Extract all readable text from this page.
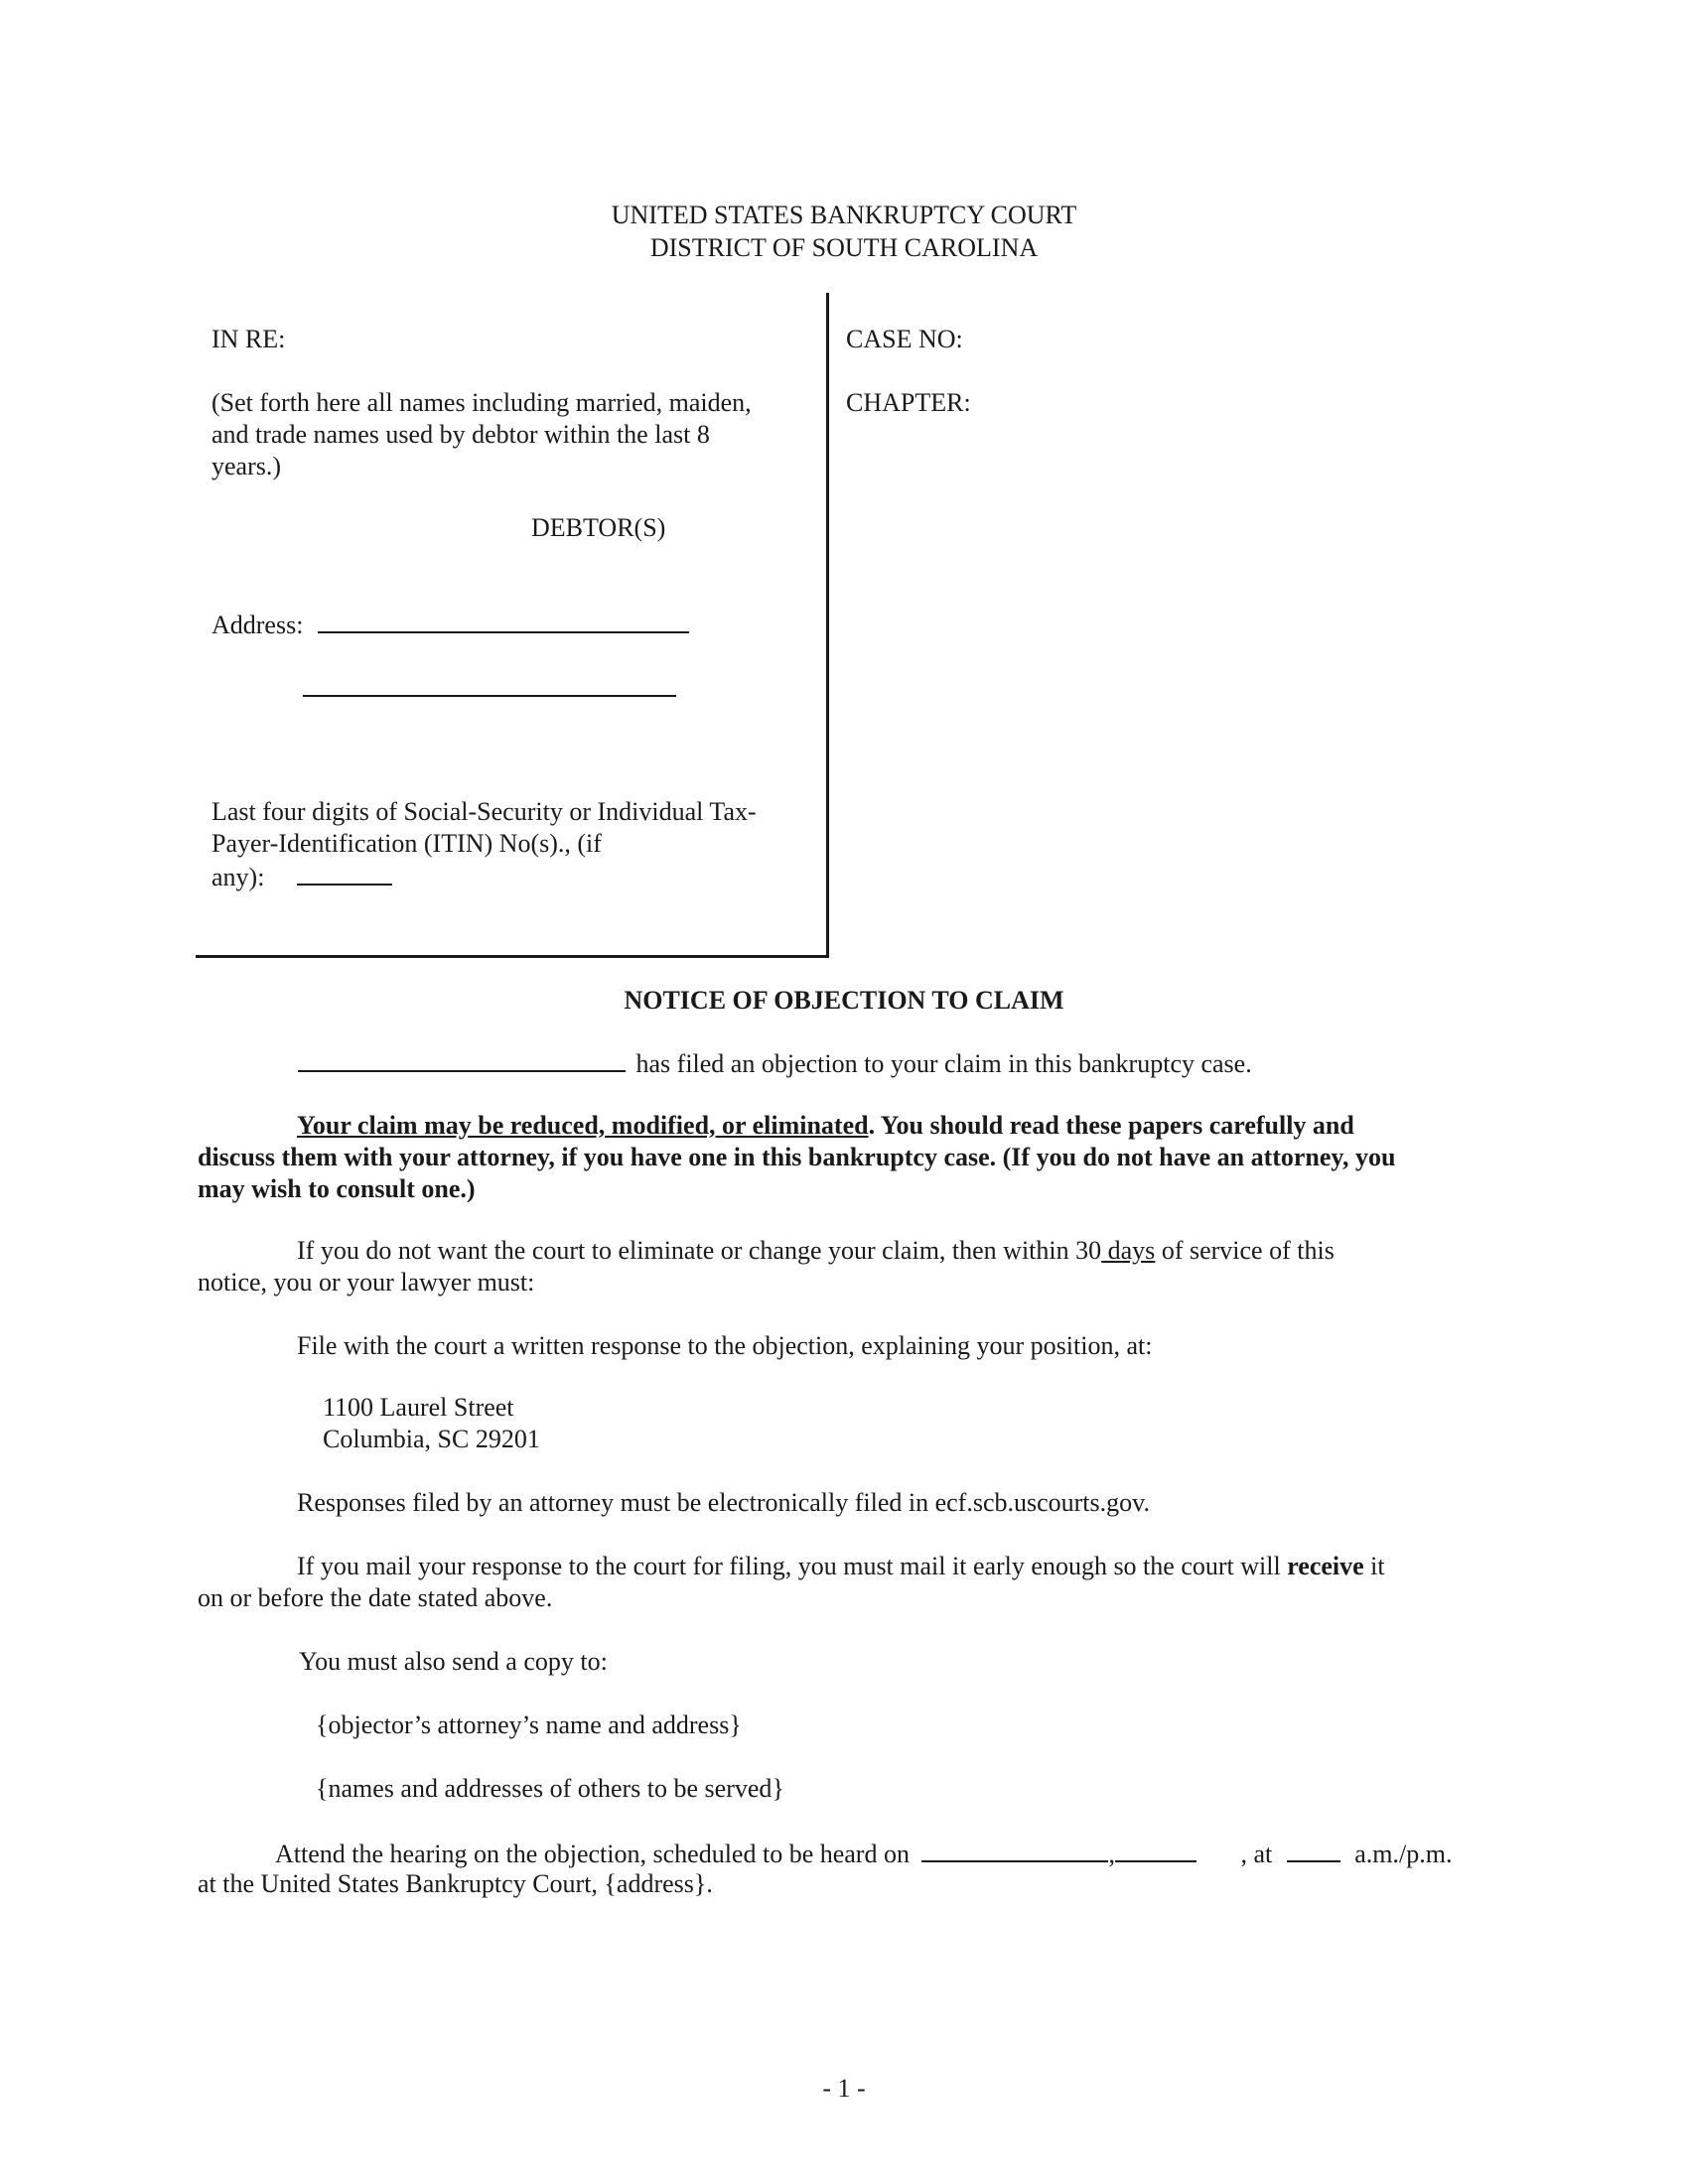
UNITED STATES BANKRUPTCY COURT
DISTRICT OF SOUTH CAROLINA
IN RE:
(Set forth here all names including married, maiden,
and trade names used by debtor within the last 8
years.)
DEBTOR(S)
Address:
Last four digits of Social-Security or Individual Tax-
Payer-Identification (ITIN) No(s)., (if
any):
CASE NO:
CHAPTER:
NOTICE OF OBJECTION TO CLAIM
has filed an objection to your claim in this bankruptcy case.
Your claim may be reduced, modified, or eliminated. You should read these papers carefully and
discuss them with your attorney, if you have one in this bankruptcy case. (If you do not have an attorney, you
may wish to consult one.)
If you do not want the court to eliminate or change your claim, then within 30 days of service of this
notice, you or your lawyer must:
File with the court a written response to the objection, explaining your position, at:
1100 Laurel Street
Columbia, SC 29201
Responses filed by an attorney must be electronically filed in ecf.scb.uscourts.gov.
If you mail your response to the court for filing, you must mail it early enough so the court will receive it
on or before the date stated above.
You must also send a copy to:
{objector’s attorney’s name and address}
{names and addresses of others to be served}
Attend the hearing on the objection, scheduled to be heard on	,	, at	a.m./p.m.
at the United States Bankruptcy Court, {address}.
- 1 -
